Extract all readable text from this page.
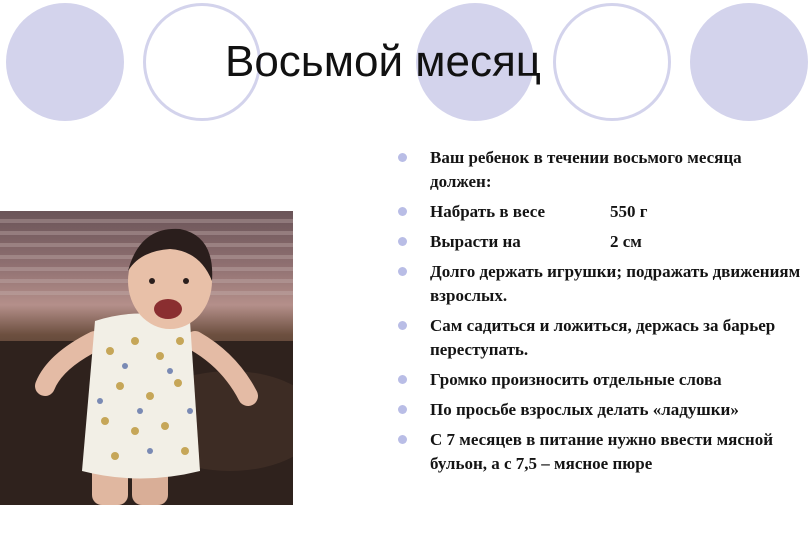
Восьмой месяц
Ваш ребенок в течении восьмого месяца должен:
Набрать в весе	550 г
Вырасти на	2 см
Долго держать игрушки; подражать движениям взрослых.
Сам садиться и ложиться, держась за барьер переступать.
Громко произносить отдельные слова
По просьбе взрослых делать «ладушки»
С 7 месяцев в питание нужно ввести мясной бульон, а с 7,5 – мясное пюре
